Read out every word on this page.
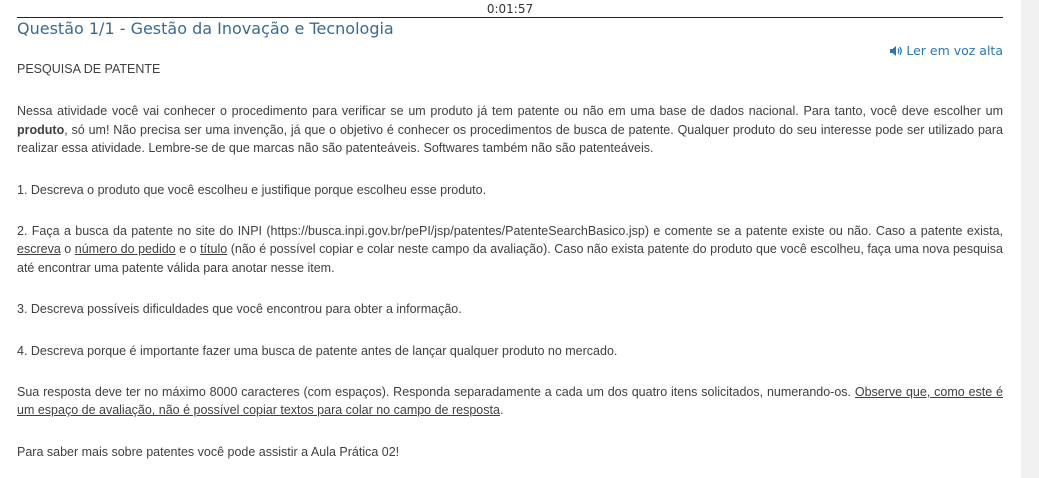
0:01:57
Questão 1/1 - Gestão da Inovação e Tecnologia
Ler em voz alta

PESQUISA DE PATENTE

Nessa atividade você vai conhecer o procedimento para verificar se um produto já tem patente ou não em uma base de dados nacional. Para tanto, você deve escolher um produto, só um! Não precisa ser uma invenção, já que o objetivo é conhecer os procedimentos de busca de patente. Qualquer produto do seu interesse pode ser utilizado para realizar essa atividade. Lembre-se de que marcas não são patenteáveis. Softwares também não são patenteáveis.

1. Descreva o produto que você escolheu e justifique porque escolheu esse produto.

2. Faça a busca da patente no site do INPI (https://busca.inpi.gov.br/pePI/jsp/patentes/PatenteSearchBasico.jsp) e comente se a patente existe ou não. Caso a patente exista, escreva o número do pedido e o título (não é possível copiar e colar neste campo da avaliação). Caso não exista patente do produto que você escolheu, faça uma nova pesquisa até encontrar uma patente válida para anotar nesse item.

3. Descreva possíveis dificuldades que você encontrou para obter a informação.

4. Descreva porque é importante fazer uma busca de patente antes de lançar qualquer produto no mercado.

Sua resposta deve ter no máximo 8000 caracteres (com espaços). Responda separadamente a cada um dos quatro itens solicitados, numerando-os. Observe que, como este é um espaço de avaliação, não é possível copiar textos para colar no campo de resposta.

Para saber mais sobre patentes você pode assistir a Aula Prática 02!
